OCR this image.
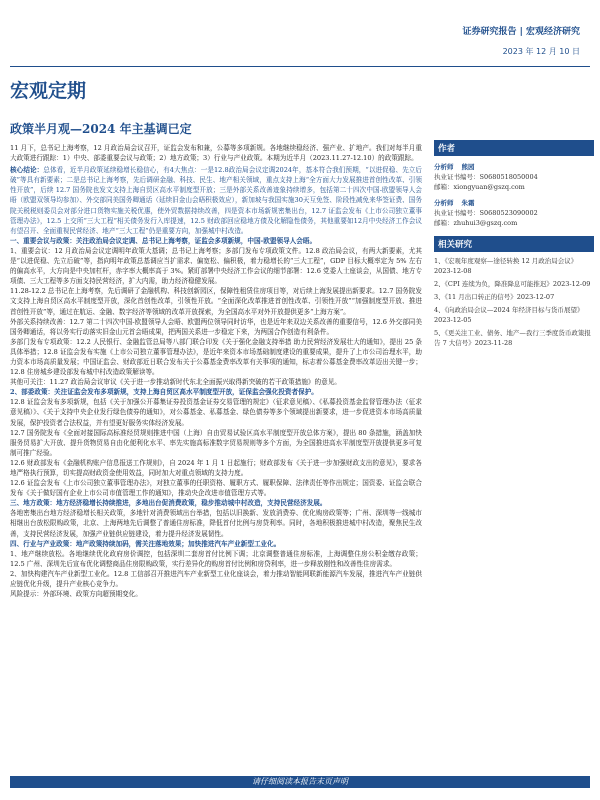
证券研究报告 | 宏观经济研究
2023 年 12 月 10 日
宏观定期
政策半月观—2024 年主基调已定

11 月下，总书记上海考察，12 月政治局会议召开，证监会发布和兼，公募等多项新规。各地继续稳经济、强产业、扩地产。我们对每半月重大政策进行跟踪：1）中央、部委重要会议与政策；2）地方政策；3）行业与产业政策。本期为近半月（2023.11.27-12.10）的政策跟踪。

核心结论：总体看，近半月政策延续稳增长稳信心，有4大焦点：一是12.8政治局会议定调2024年，基本符合我们预期，“以进促稳、先立后破”等具有新要素；二是总书记上海考察，先后调研金融、科技、民生、地产相关领域，重点支持上海“全方面大力发展推进首创性改革、引领性开放”，后续 12.7 国务院也发文支持上海自贸区高水平制度型开放；三是外部关系改善迹象持续增多，包括第二十四次中国-欧盟领导人会晤（欧盟双领导均参加）、外交部同美国务卿通话（延续旧金山会晤积极效应），新加坡与我国实施30天互免签、阶段性减免来华签证费、国务院关税税则委员会对部分进口货物实施关税优惠，使外贸数据持续改善，四是资本市场新规密集出台，12.7 证监会发布《上市公司独立董事管理办法》，12.5 上交所“三大工程”相关债务发行入库提速，12.5 财政部回应稳地方债及化解隐性债务，其他重要如12月中央经济工作会议有望召开、全面重视民营经济、地产“三大工程”仍是重要方向，加强城中村改造。

一、重要会议与政策：关注政治局会议定调、总书记上海考察，证监会多项新规，中国-欧盟领导人会晤。

1、重要会议：12 月政治局会议定调明年政策大基调；总书记上海考察；多部门发布专项政策文件。12.8 政治局会议，有两大新要素，尤其是“以进促稳、先立后破”等，指向明年政策总基调应当扩需求、偏宽松、偏积极，着力稳增长的“三大工程”，GDP 目标大概率定为 5% 左右的偏高水平，大方向是中央加杠杆，赤字率大概率高于 3%。紧盯部署中央经济工作会议的细节部署：12.6 党委人士座谈会，从国债、地方专项债、三大工程等多方面支持民营经济，扩大内需，助力经济稳健发展。

11.28-12.2 总书记在上海考察，先后调研了金融机构、科技创新园区，保障性租赁住房项目等，对后续上海发展提出新要求。12.7 国务院发文支持上海自贸区高水平制度型开放，深化首创性改革，引领性开放。“全面深化改革推进首创性改革、引领性开放”“加强制度型开放、推进首创性开放”等，通过在航运、金融、数字经济等领域的改革开放探索，为全国高水平对外开放提供更多“上海方案”。

外部关系持续改善：12.7 第二十四次中国-欧盟领导人会晤、欧盟两位领导同时访华，也是近年来双边关系改善的重要信号，12.6 外交部同美国务卿通话，将以务实行动落实旧金山元首会晤成果，把两国关系进一步稳定下来，为两国合作创造有利条件。

多部门发布专项政策：12.2 人民银行、金融监管总局等八部门联合印发《关于强化金融支持举措 助力民营经济发展壮大的通知》，提出 25 条具体举措；12.8 证监会发布实施《上市公司独立董事管理办法》，是近年来资本市场基础制度建设的重要成果，提升了上市公司治理水平，助力资本市场高质量发展；中国证监会、财政部近日联合发布关于公募基金费率改革有关事项的通知，标志着公募基金费率改革迈出关键一步；12.8 住房城乡建设部发布城中村改造政策解读等。

其他可关注：11.27 政治局会议审议《关于进一步推动新时代东北全面振兴取得新突破的若干政策措施》的意见。

2、部委政策：关注证监会发布多项新规，支持上海自贸区高水平制度型开放，证保监会强化投资者保护。

12.8 证监会发布多项新规，包括《关于加强公开募集证券投资基金证券交易管理的规定》（征求意见稿）、《私募投资基金监督管理办法（征求意见稿）》、《关于支持中央企业发行绿色债券的通知》，对公募基金、私募基金、绿色债券等多个领域提出新要求，进一步促进资本市场高质量发展，保护投资者合法权益，并有望更好服务实体经济发展。

12.7 国务院发布《全面对接国际高标准经贸规则推进中国（上海）自由贸易试验区高水平制度型开放总体方案》，提出 80 条措施，涵盖加快服务贸易扩大开放、提升货物贸易自由化便利化水平、率先实施高标准数字贸易规则等多个方面，为全国推进高水平制度型开放提供更多可复制可推广经验。

12.6 财政部发布《金融机构账户信息报送工作规则》，自 2024 年 1 月 1 日起施行；财政部发布《关于进一步加强财政支出的意见》，要求各地严格执行预算，切实提高财政资金使用效益，同时加大对重点领域的支持力度。

12.6 证监会发布《上市公司独立董事管理办法》，对独立董事的任职资格、履职方式、履职保障、法律责任等作出规定；国资委、证监会联合发布《关于做好国有企业上市公司市值管理工作的通知》，推动央企改进市值管理方式等。

三、地方政策：地方经济稳增长持续推进，多地出台促消费政策，稳步推动城中村改造，支持民营经济发展。

各地密集出台地方经济稳增长相关政策，多地针对消费领域出台举措，包括以旧换新、发放消费券、优化购房政策等；广州、深圳等一线城市相继出台放松限购政策，北京、上海两地先后调整了普通住房标准，降低首付比例与房贷利率。同时，各地积极推进城中村改造，聚焦民生改善，支持民营经济发展，加强产业链供应链建设，着力提升经济发展韧性。

四、行业与产业政策：地产政策持续加码，需关注落地效果；加快推进汽车产业新型工业化。

1、地产继续放松。各地继续优化政府房价调控，包括深圳二套房首付比例下调；北京调整普通住房标准，上海调整住房公积金缴存政策；12.5 广州、深圳先后宣布优化调整商品住房限购政策，实行差异化的购房首付比例和房贷利率，进一步释放刚性和改善性住房需求。

2、加快构建汽车产业新型工业化。12.8 工信部召开推进汽车产业新型工业化座谈会，着力推动智能网联新能源汽车发展，推进汽车产业链供应链优化升级，提升产业核心竞争力。

风险提示：外部环境、政策方向超预期变化。

作者
分析师 熊园
执业证书编号：S0680518050004
邮箱：xiongyuan@gszq.com
分析师 朱霜
执业证书编号：S0680523090002
邮箱：zhuhui3@gszq.com
相关研究
1、《宏观年度观察—途径转换 12 月政治局会议》2023-12-08
2、《CPI 连续为负，降准降息可能推迟》2023-12-09
3、《11 月出口转正的信号》2023-12-07
4、《向政治局会议—2024 年经济目标与货币展望》2023-12-05
5、《更关注工业、债务、地产—我行三季度货币政策报告 7 大信号》2023-11-28
请仔细阅读本报告末页声明
